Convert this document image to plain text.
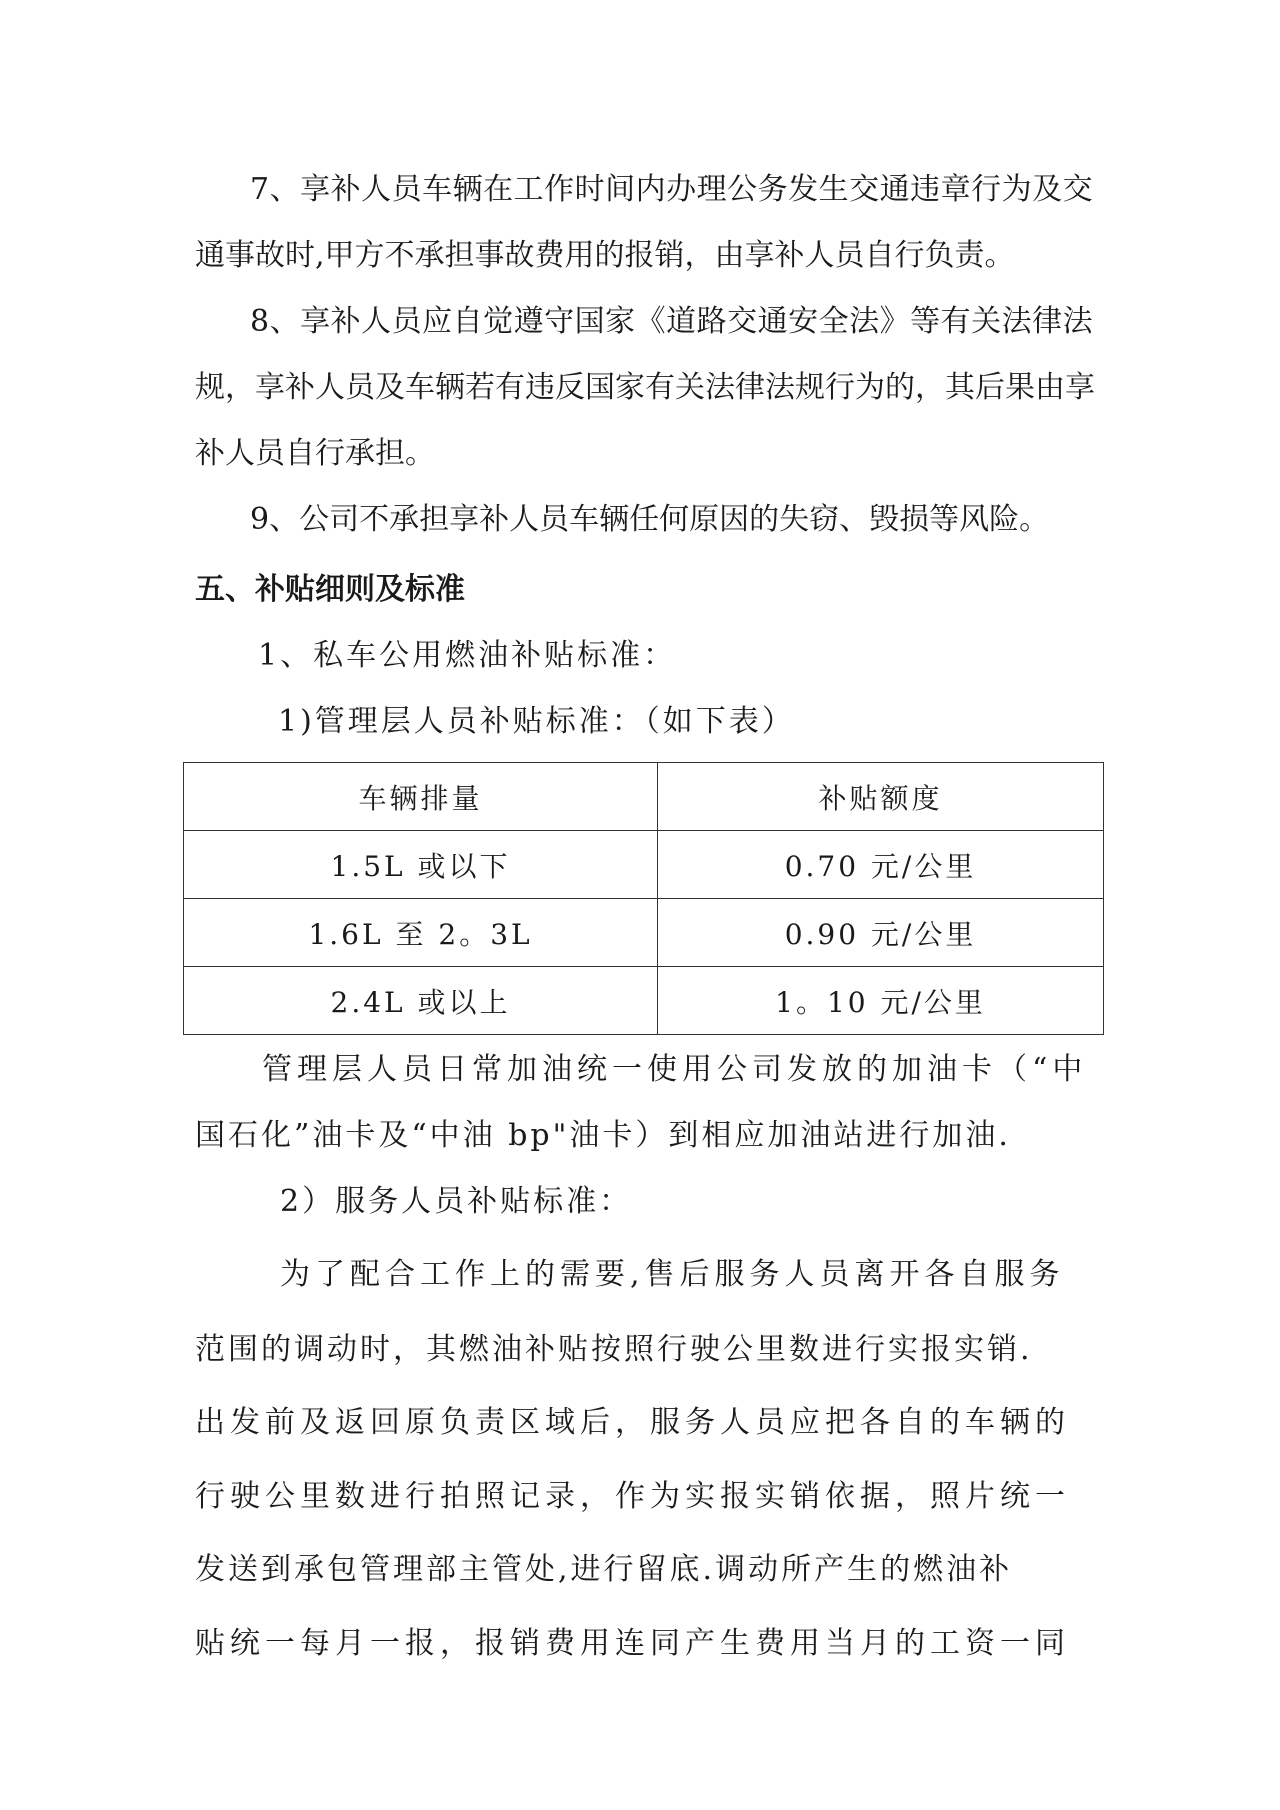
7、享补人员车辆在工作时间内办理公务发生交通违章行为及交
通事故时,甲方不承担事故费用的报销，由享补人员自行负责。
8、享补人员应自觉遵守国家《道路交通安全法》等有关法律法
规，享补人员及车辆若有违反国家有关法律法规行为的，其后果由享
补人员自行承担。
9、公司不承担享补人员车辆任何原因的失窃、毁损等风险。
五、补贴细则及标准
1、私车公用燃油补贴标准：
1)管理层人员补贴标准：（如下表）
车辆排量	补贴额度
1.5L 或以下	0.70 元/公里
1.6L 至 2。3L	0.90 元/公里
2.4L 或以上	1。10 元/公里
管理层人员日常加油统一使用公司发放的加油卡（“中
国石化”油卡及“中油 bp"油卡）到相应加油站进行加油.
2）服务人员补贴标准：
为了配合工作上的需要,售后服务人员离开各自服务
范围的调动时，其燃油补贴按照行驶公里数进行实报实销.
出发前及返回原负责区域后，服务人员应把各自的车辆的
行驶公里数进行拍照记录，作为实报实销依据，照片统一
发送到承包管理部主管处,进行留底.调动所产生的燃油补
贴统一每月一报，报销费用连同产生费用当月的工资一同
